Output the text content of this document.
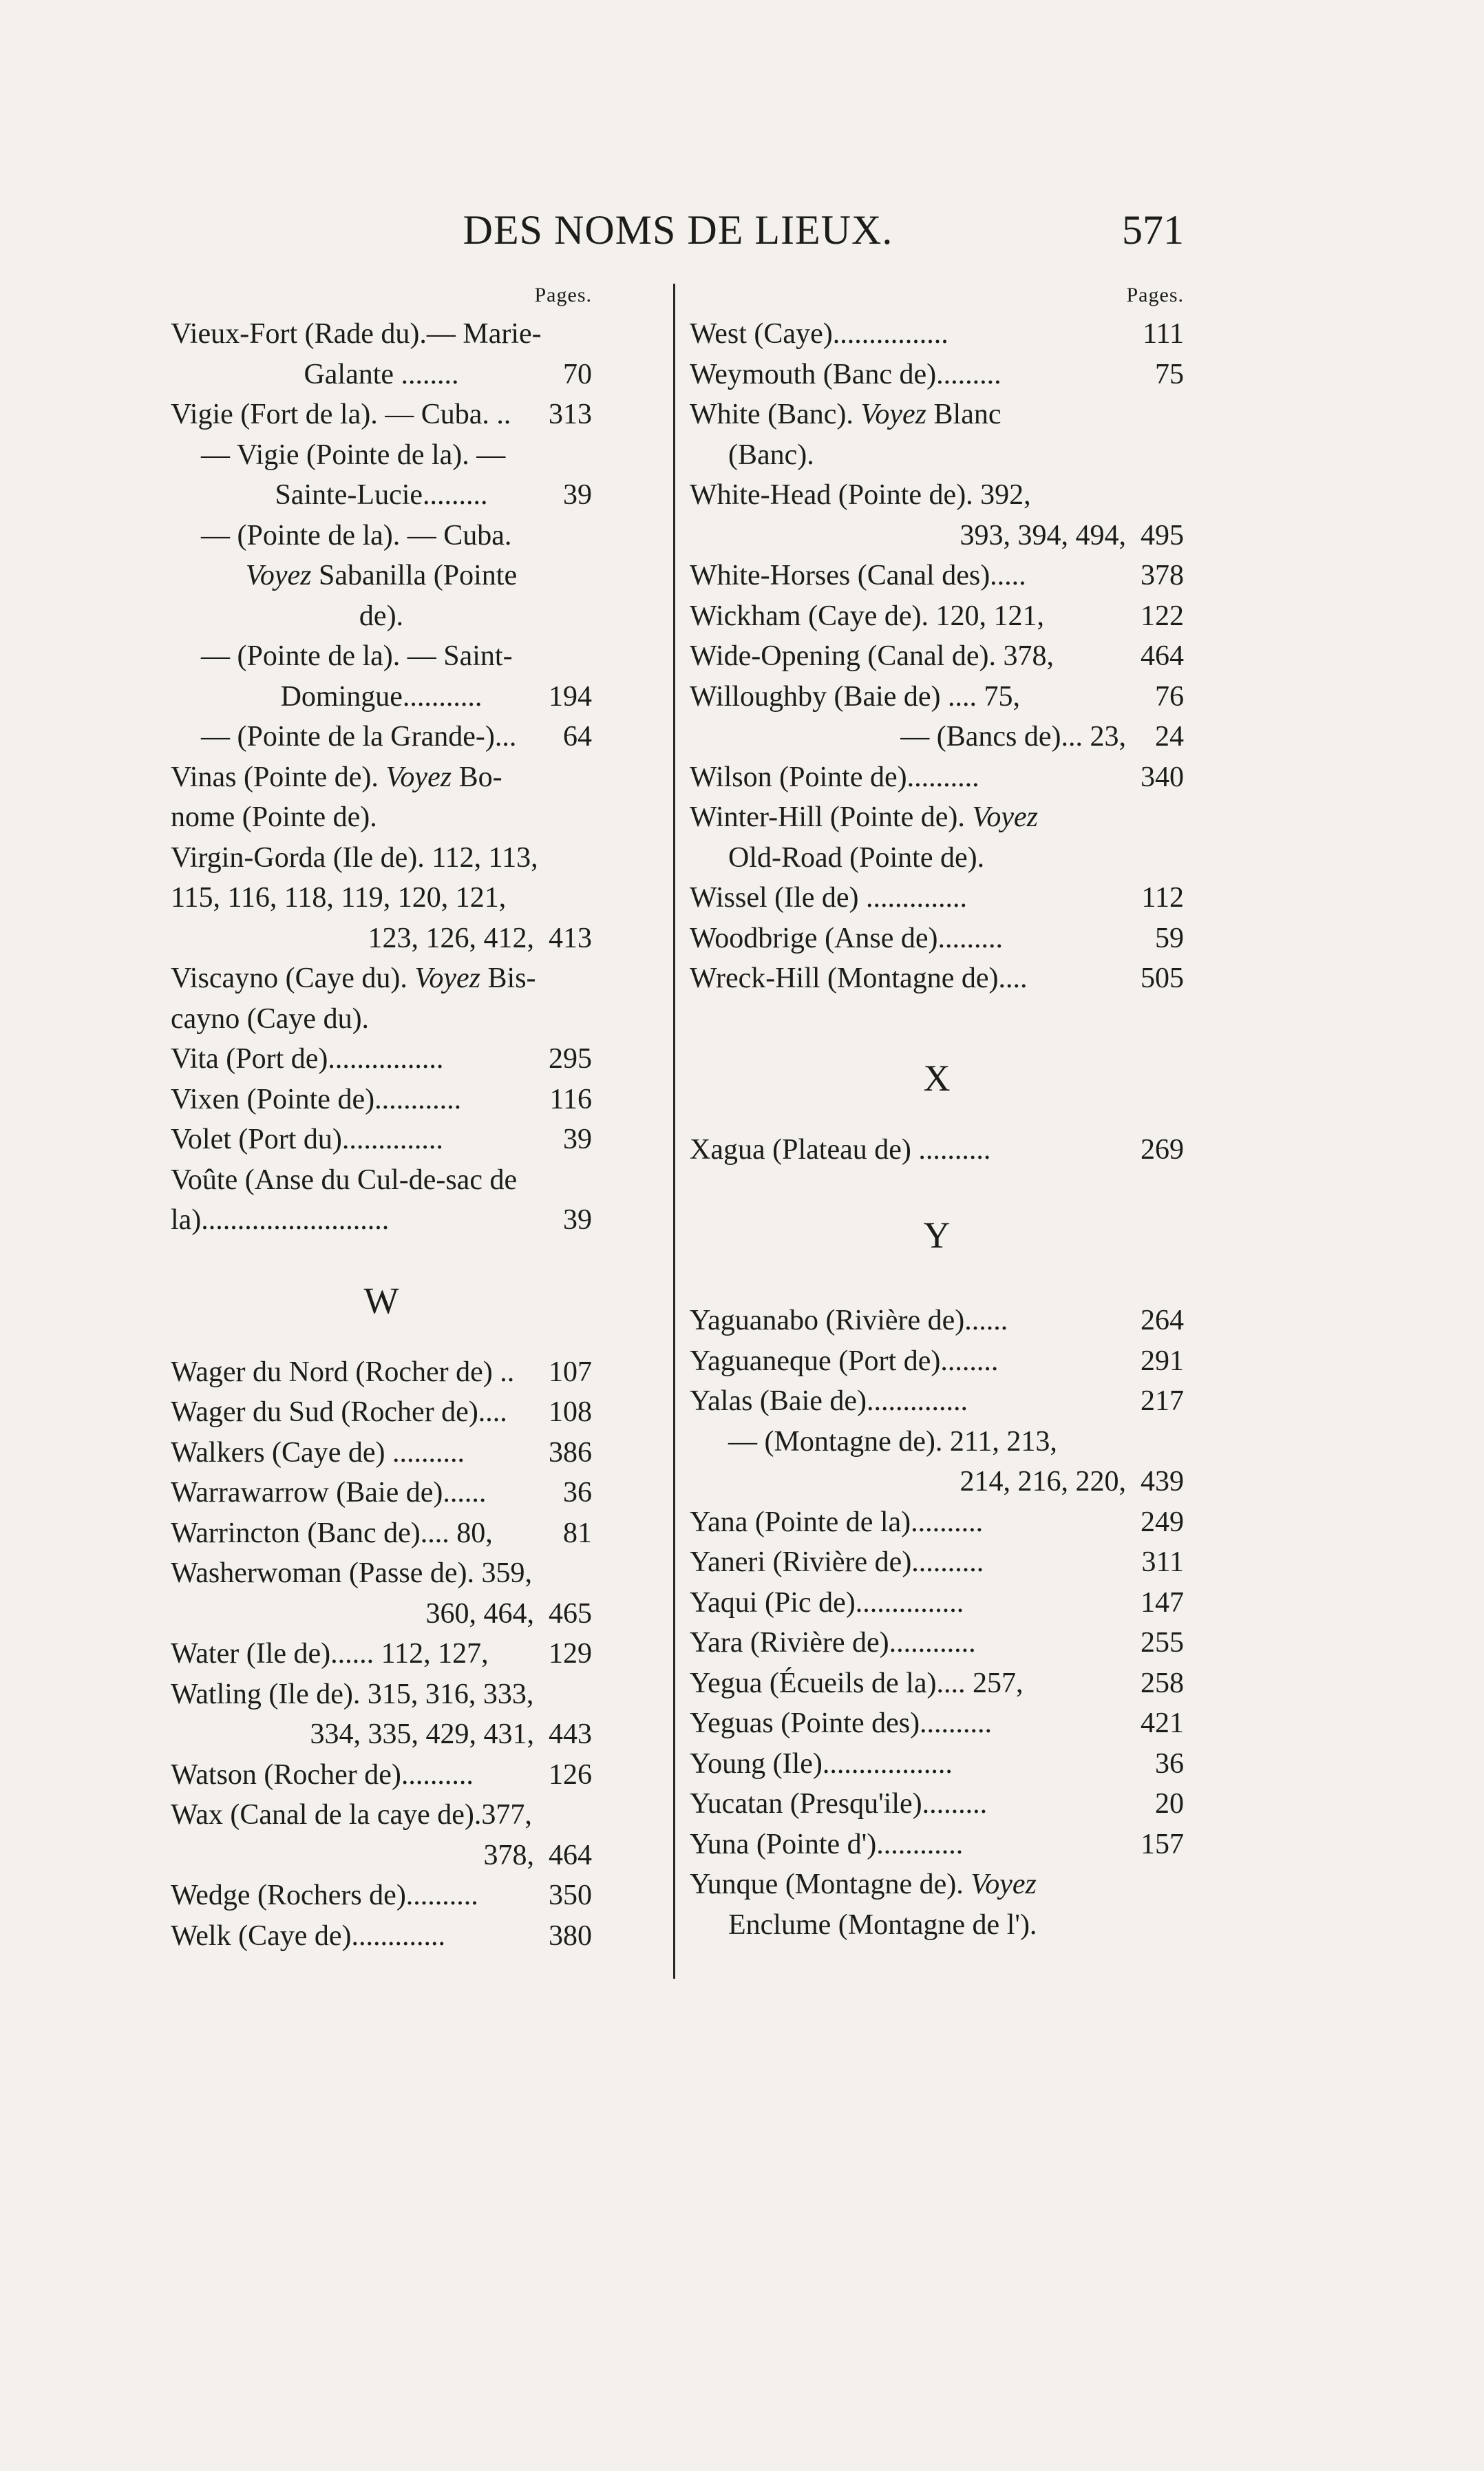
DES NOMS DE LIEUX.	571
Pages.
Vieux-Fort (Rade du).— Marie-
Galante ........	70
Vigie (Fort de la). — Cuba. .. 313
— Vigie (Pointe de la). —
Sainte-Lucie.........	39
— (Pointe de la). — Cuba.
Voyez Sabanilla (Pointe
de).
— (Pointe de la). — Saint-
Domingue...........	194
— (Pointe de la Grande-)... 64
Vinas (Pointe de). Voyez Bo-
nome (Pointe de).
Virgin-Gorda (Ile de). 112, 113,
115, 116, 118, 119, 120, 121,
123, 126, 412, 413
Viscayno (Caye du). Voyez Bis-
cayno (Caye du).
Vita (Port de)................	295
Vixen (Pointe de)............	116
Volet (Port du)..............	39
Voûte (Anse du Cul-de-sac de
la)..........................	39
W
Wager du Nord (Rocher de) .. 107
Wager du Sud (Rocher de).... 108
Walkers (Caye de) ..........	386
Warrawarrow (Baie de)......	36
Warrincton (Banc de).... 80, 81
Washerwoman (Passe de). 359,
360, 464, 465
Water (Ile de)...... 112, 127, 129
Watling (Ile de). 315, 316, 333,
334, 335, 429, 431, 443
Watson (Rocher de)..........	126
Wax (Canal de la caye de).377,
378, 464
Wedge (Rochers de).......... 350
Welk (Caye de).............	380
Pages.
West (Caye)................	111
Weymouth (Banc de).........	75
White (Banc). Voyez Blanc
(Banc).
White-Head (Pointe de). 392,
393, 394, 494, 495
White-Horses (Canal des).....	378
Wickham (Caye de). 120, 121,	122
Wide-Opening (Canal de). 378,	464
Willoughby (Baie de) .... 75,	76
— (Bancs de)... 23, 24
Wilson (Pointe de)..........	340
Winter-Hill (Pointe de). Voyez
Old-Road (Pointe de).
Wissel (Ile de) ..............	112
Woodbrige (Anse de).........	59
Wreck-Hill (Montagne de)....	505
X
Xagua (Plateau de) ..........	269
Y
Yaguanabo (Rivière de)......	264
Yaguaneque (Port de)........	291
Yalas (Baie de)..............	217
— (Montagne de). 211, 213,
214, 216, 220, 439
Yana (Pointe de la)..........	249
Yaneri (Rivière de)..........	311
Yaqui (Pic de)...............	147
Yara (Rivière de)............	255
Yegua (Écueils de la).... 257,	258
Yeguas (Pointe des)..........	421
Young (Ile)..................	36
Yucatan (Presqu'ile).........	20
Yuna (Pointe d')............	157
Yunque (Montagne de). Voyez
Enclume (Montagne de l').
